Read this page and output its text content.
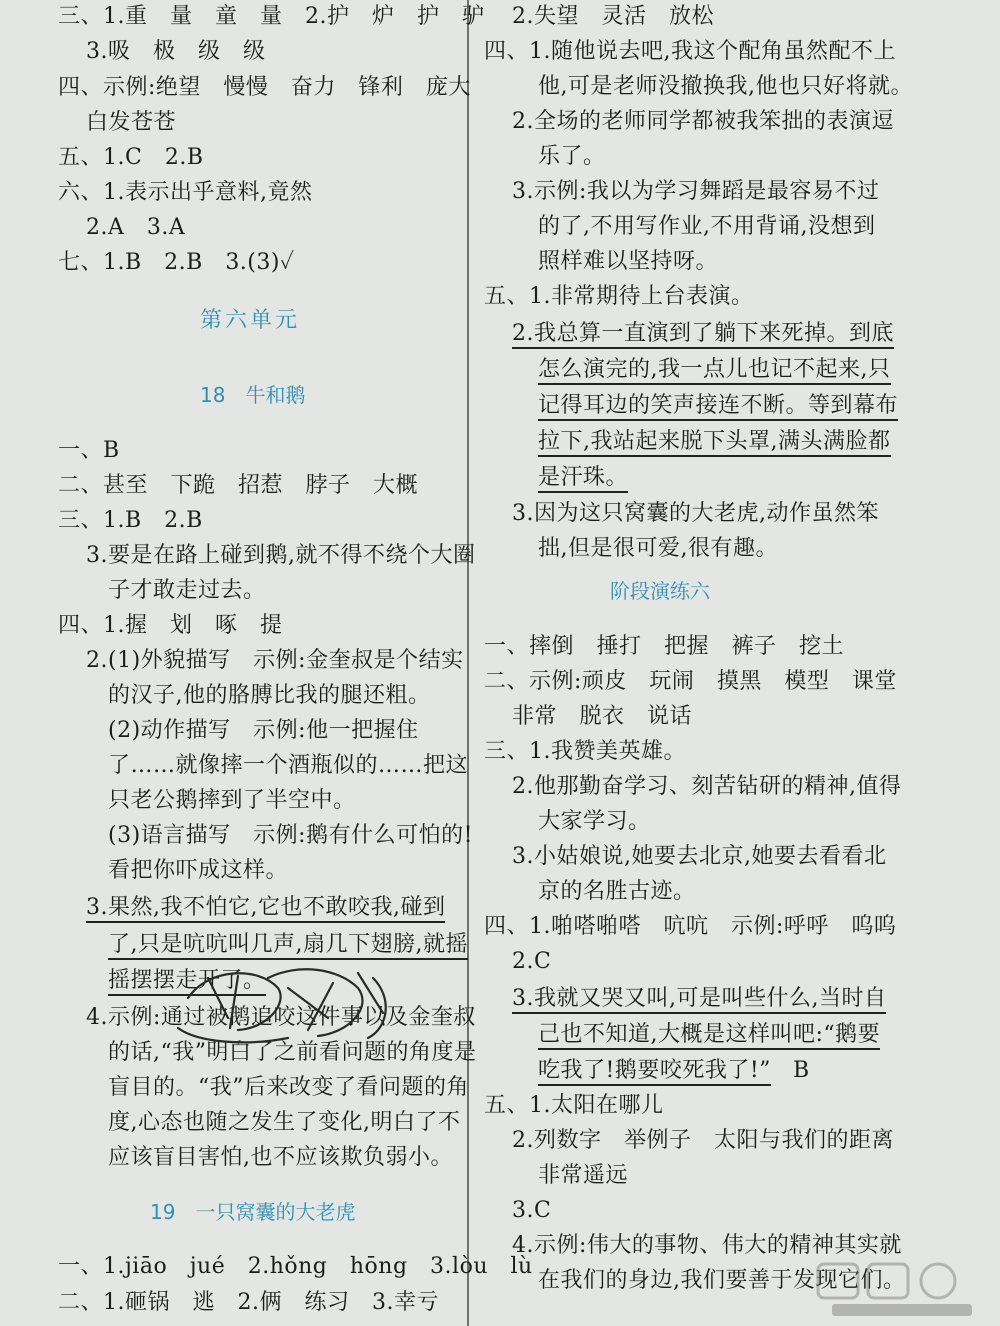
三、1.重　量　童　量　2.护　炉　护　驴
3.吸　极　级　级
四、示例:绝望　慢慢　奋力　锋利　庞大
白发苍苍
五、1.C　2.B
六、1.表示出乎意料,竟然
2.A　3.A
七、1.B　2.B　3.(3)✓
第六单元
18　牛和鹅
一、B
二、甚至　下跪　招惹　脖子　大概
三、1.B　2.B
3.要是在路上碰到鹅,就不得不绕个大圈
子才敢走过去。
四、1.握　划　啄　提
2.(1)外貌描写　示例:金奎叔是个结实
的汉子,他的胳膊比我的腿还粗。
(2)动作描写　示例:他一把握住
了……就像摔一个酒瓶似的……把这
只老公鹅摔到了半空中。
(3)语言描写　示例:鹅有什么可怕的!
看把你吓成这样。
3.果然,我不怕它,它也不敢咬我,碰到
了,只是吭吭叫几声,扇几下翅膀,就摇
摇摆摆走开了。
4.示例:通过被鹅追咬这件事以及金奎叔
的话,“我”明白了之前看问题的角度是
盲目的。“我”后来改变了看问题的角
度,心态也随之发生了变化,明白了不
应该盲目害怕,也不应该欺负弱小。
19　一只窝囊的大老虎
一、1.jiāo　jué　2.hǒng　hōng　3.lòu　lù
二、1.砸锅　逃　2.俩　练习　3.幸亏
2.失望　灵活　放松
四、1.随他说去吧,我这个配角虽然配不上
他,可是老师没撤换我,他也只好将就。
2.全场的老师同学都被我笨拙的表演逗
乐了。
3.示例:我以为学习舞蹈是最容易不过
的了,不用写作业,不用背诵,没想到
照样难以坚持呀。
五、1.非常期待上台表演。
2.我总算一直演到了躺下来死掉。到底
怎么演完的,我一点儿也记不起来,只
记得耳边的笑声接连不断。等到幕布
拉下,我站起来脱下头罩,满头满脸都
是汗珠。
3.因为这只窝囊的大老虎,动作虽然笨
拙,但是很可爱,很有趣。
阶段演练六
一、摔倒　捶打　把握　裤子　挖土
二、示例:顽皮　玩闹　摸黑　模型　课堂
非常　脱衣　说话
三、1.我赞美英雄。
2.他那勤奋学习、刻苦钻研的精神,值得
大家学习。
3.小姑娘说,她要去北京,她要去看看北
京的名胜古迹。
四、1.啪嗒啪嗒　吭吭　示例:呼呼　呜呜
2.C
3.我就又哭又叫,可是叫些什么,当时自
己也不知道,大概是这样叫吧:“鹅要
吃我了!鹅要咬死我了!” B
五、1.太阳在哪儿
2.列数字　举例子　太阳与我们的距离
非常遥远
3.C
4.示例:伟大的事物、伟大的精神其实就
在我们的身边,我们要善于发现它们。
